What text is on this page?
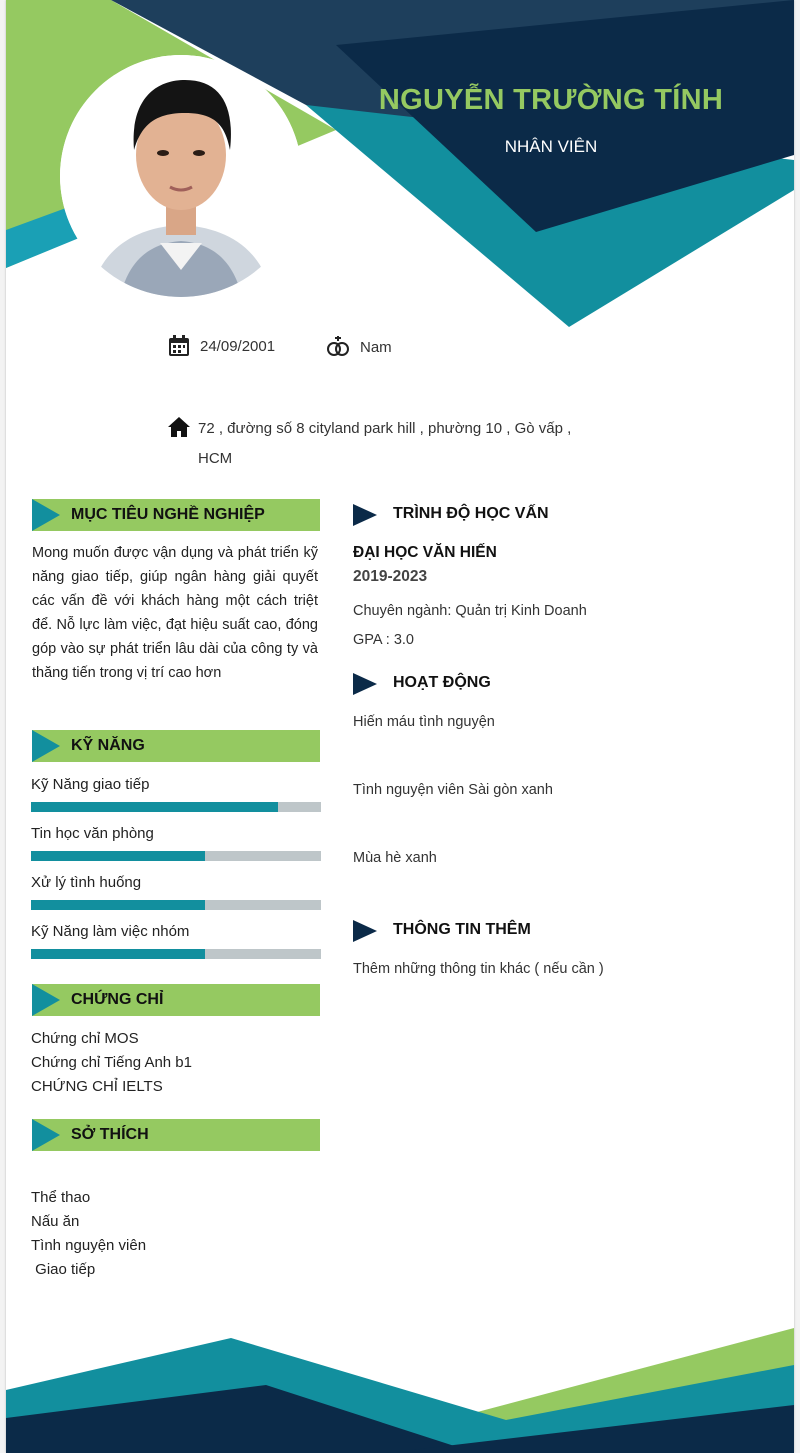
NGUYỄN TRƯỜNG TÍNH
NHÂN VIÊN
24/09/2001	Nam
72 , đường số 8 cityland park hill , phường 10 , Gò vấp , HCM
MỤC TIÊU NGHỀ NGHIỆP
Mong muốn được vận dụng và phát triển kỹ năng giao tiếp, giúp ngân hàng giải quyết các vấn đề với khách hàng một cách triệt để. Nỗ lực làm việc, đạt hiệu suất cao, đóng góp vào sự phát triển lâu dài của công ty và thăng tiến trong vị trí cao hơn
KỸ NĂNG
Kỹ Năng giao tiếp
Tin học văn phòng
Xử lý tình huống
Kỹ Năng làm việc nhóm
CHỨNG CHỈ
Chứng chỉ MOS
Chứng chỉ Tiếng Anh b1
CHỨNG CHỈ IELTS
SỞ THÍCH
Thể thao
Nấu ăn
Tình nguyện viên
Giao tiếp
TRÌNH ĐỘ HỌC VẤN
ĐẠI HỌC VĂN HIẾN
2019-2023
Chuyên ngành: Quản trị Kinh Doanh
GPA : 3.0
HOẠT ĐỘNG
Hiến máu tình nguyện
Tình nguyện viên Sài gòn xanh
Mùa hè xanh
THÔNG TIN THÊM
Thêm những thông tin khác ( nếu cần )
